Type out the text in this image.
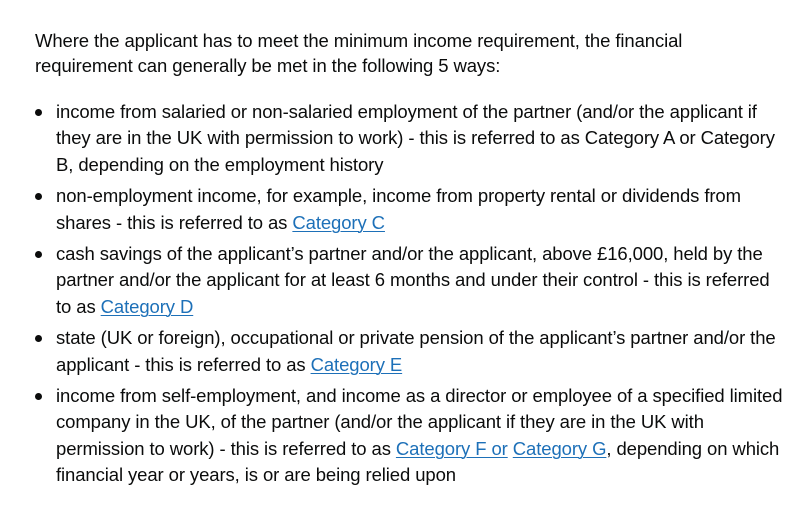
Where the applicant has to meet the minimum income requirement, the financial
requirement can generally be met in the following 5 ways:

income from salaried or non-salaried employment of the partner (and/or the applicant if they are in the UK with permission to work) - this is referred to as Category A or Category B, depending on the employment history
non-employment income, for example, income from property rental or dividends from shares - this is referred to as Category C
cash savings of the applicant’s partner and/or the applicant, above £16,000, held by the partner and/or the applicant for at least 6 months and under their control - this is referred to as Category D
state (UK or foreign), occupational or private pension of the applicant’s partner and/or the applicant - this is referred to as Category E
income from self-employment, and income as a director or employee of a specified limited company in the UK, of the partner (and/or the applicant if they are in the UK with permission to work) - this is referred to as Category F or Category G, depending on which financial year or years, is or are being relied upon
